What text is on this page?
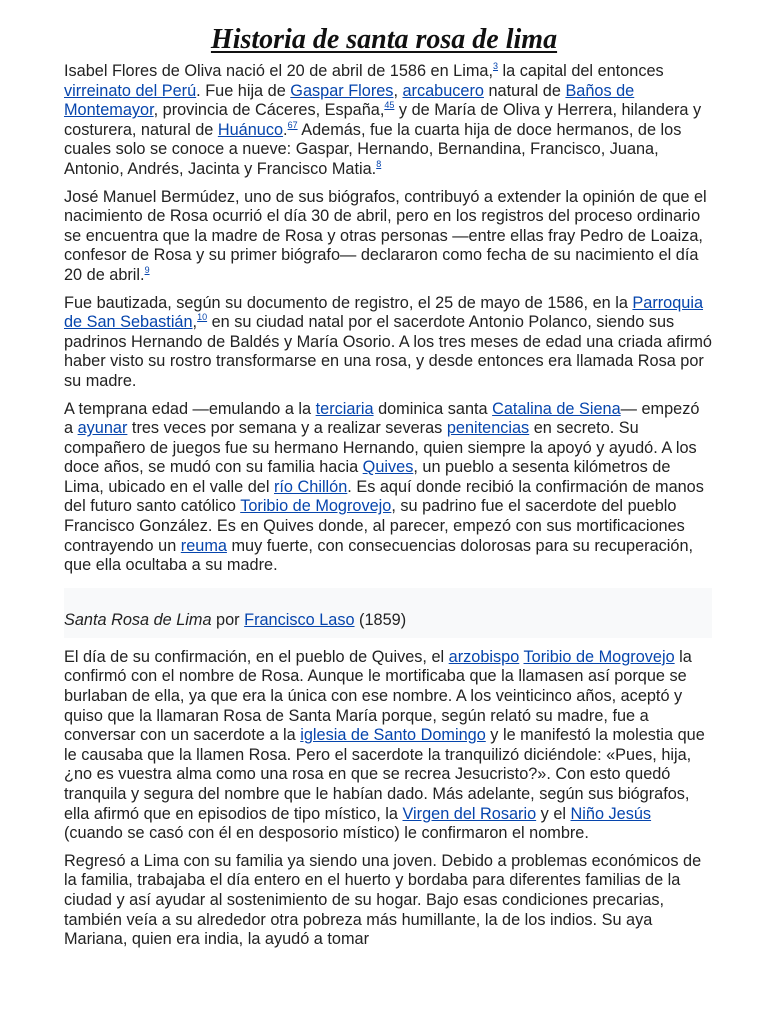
Historia de santa rosa de lima

Isabel Flores de Oliva nació el 20 de abril de 1586 en Lima,$^3$ la capital del entonces virreinato del Perú. Fue hija de Gaspar Flores, arcabucero natural de Baños de Montemayor, provincia de Cáceres, España,$^{45}$ y de María de Oliva y Herrera, hilandera y costurera, natural de Huánuco.$^{67}$ Además, fue la cuarta hija de doce hermanos, de los cuales solo se conoce a nueve: Gaspar, Hernando, Bernandina, Francisco, Juana, Antonio, Andrés, Jacinta y Francisco Matia.$^8$

José Manuel Bermúdez, uno de sus biógrafos, contribuyó a extender la opinión de que el nacimiento de Rosa ocurrió el día 30 de abril, pero en los registros del proceso ordinario se encuentra que la madre de Rosa y otras personas —entre ellas fray Pedro de Loaiza, confesor de Rosa y su primer biógrafo— declararon como fecha de su nacimiento el día 20 de abril.$^9$

Fue bautizada, según su documento de registro, el 25 de mayo de 1586, en la Parroquia de San Sebastián,$^{10}$ en su ciudad natal por el sacerdote Antonio Polanco, siendo sus padrinos Hernando de Baldés y María Osorio. A los tres meses de edad una criada afirmó haber visto su rostro transformarse en una rosa, y desde entonces era llamada Rosa por su madre.

A temprana edad —emulando a la terciaria dominica santa Catalina de Siena— empezó a ayunar tres veces por semana y a realizar severas penitencias en secreto. Su compañero de juegos fue su hermano Hernando, quien siempre la apoyó y ayudó. A los doce años, se mudó con su familia hacia Quives, un pueblo a sesenta kilómetros de Lima, ubicado en el valle del río Chillón. Es aquí donde recibió la confirmación de manos del futuro santo católico Toribio de Mogrovejo, su padrino fue el sacerdote del pueblo Francisco González. Es en Quives donde, al parecer, empezó con sus mortificaciones contrayendo un reuma muy fuerte, con consecuencias dolorosas para su recuperación, que ella ocultaba a su madre.

Santa Rosa de Lima por Francisco Laso (1859)

El día de su confirmación, en el pueblo de Quives, el arzobispo Toribio de Mogrovejo la confirmó con el nombre de Rosa. Aunque le mortificaba que la llamasen así porque se burlaban de ella, ya que era la única con ese nombre. A los veinticinco años, aceptó y quiso que la llamaran Rosa de Santa María porque, según relató su madre, fue a conversar con un sacerdote a la iglesia de Santo Domingo y le manifestó la molestia que le causaba que la llamen Rosa. Pero el sacerdote la tranquilizó diciéndole: «Pues, hija, ¿no es vuestra alma como una rosa en que se recrea Jesucristo?». Con esto quedó tranquila y segura del nombre que le habían dado. Más adelante, según sus biógrafos, ella afirmó que en episodios de tipo místico, la Virgen del Rosario y el Niño Jesús (cuando se casó con él en desposorio místico) le confirmaron el nombre.

Regresó a Lima con su familia ya siendo una joven. Debido a problemas económicos de la familia, trabajaba el día entero en el huerto y bordaba para diferentes familias de la ciudad y así ayudar al sostenimiento de su hogar. Bajo esas condiciones precarias, también veía a su alrededor otra pobreza más humillante, la de los indios. Su aya Mariana, quien era india, la ayudó a tomar
